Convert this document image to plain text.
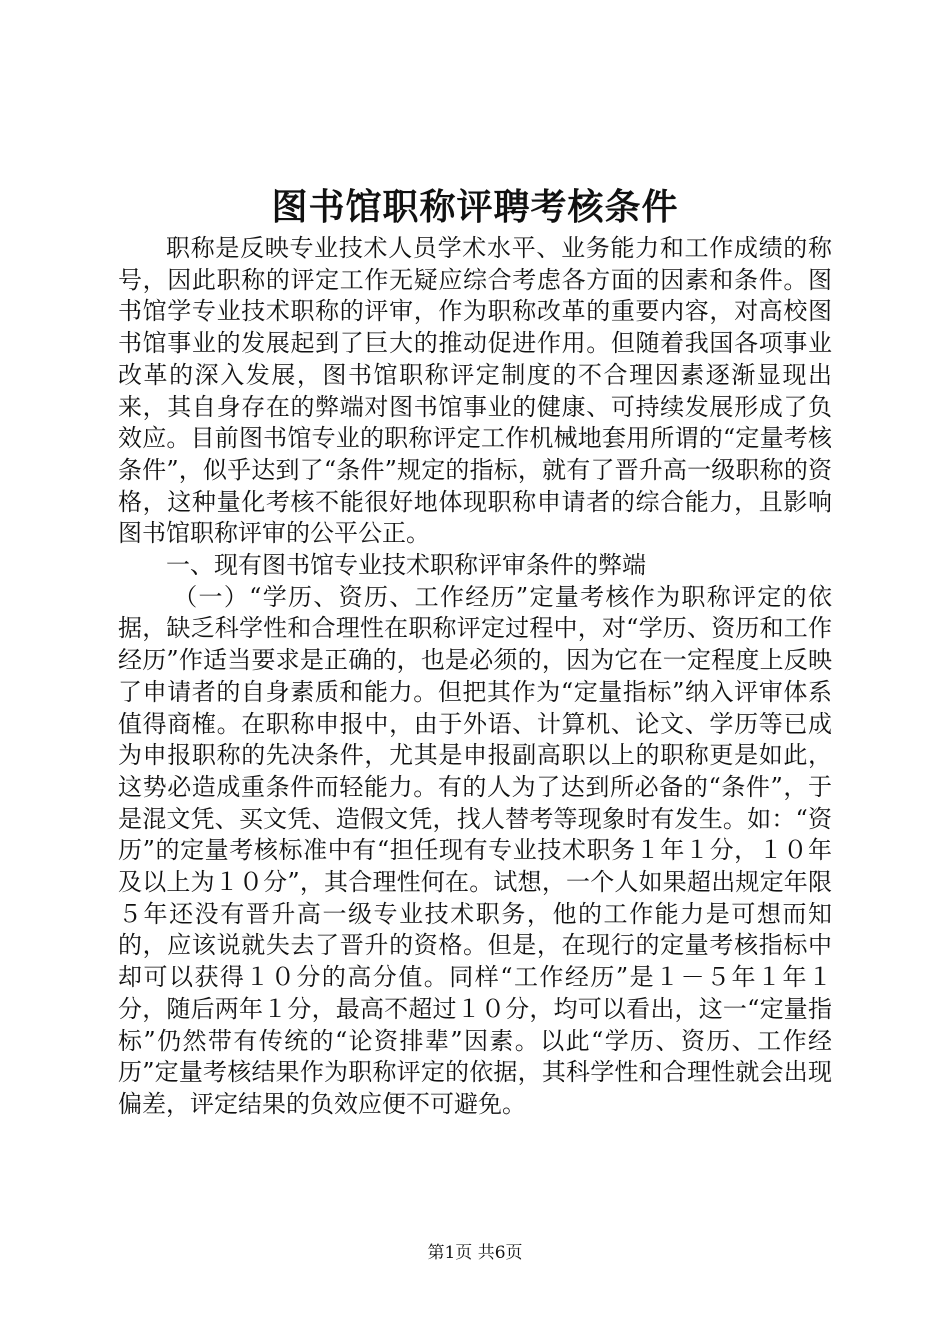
图书馆职称评聘考核条件

职称是反映专业技术人员学术水平、业务能力和工作成绩的称号，因此职称的评定工作无疑应综合考虑各方面的因素和条件。图书馆学专业技术职称的评审，作为职称改革的重要内容，对高校图书馆事业的发展起到了巨大的推动促进作用。但随着我国各项事业改革的深入发展，图书馆职称评定制度的不合理因素逐渐显现出来，其自身存在的弊端对图书馆事业的健康、可持续发展形成了负效应。目前图书馆专业的职称评定工作机械地套用所谓的“定量考核条件”，似乎达到了“条件”规定的指标，就有了晋升高一级职称的资格，这种量化考核不能很好地体现职称申请者的综合能力，且影响图书馆职称评审的公平公正。

一、现有图书馆专业技术职称评审条件的弊端

（一）“学历、资历、工作经历”定量考核作为职称评定的依据，缺乏科学性和合理性在职称评定过程中，对“学历、资历和工作经历”作适当要求是正确的，也是必须的，因为它在一定程度上反映了申请者的自身素质和能力。但把其作为“定量指标”纳入评审体系值得商榷。在职称申报中，由于外语、计算机、论文、学历等已成为申报职称的先决条件，尤其是申报副高职以上的职称更是如此，这势必造成重条件而轻能力。有的人为了达到所必备的“条件”，于是混文凭、买文凭、造假文凭，找人替考等现象时有发生。如：“资历”的定量考核标准中有“担任现有专业技术职务１年１分，１０年及以上为１０分”，其合理性何在。试想，一个人如果超出规定年限５年还没有晋升高一级专业技术职务，他的工作能力是可想而知的，应该说就失去了晋升的资格。但是，在现行的定量考核指标中却可以获得１０分的高分值。同样“工作经历”是１－５年１年１分，随后两年１分，最高不超过１０分，均可以看出，这一“定量指标”仍然带有传统的“论资排辈”因素。以此“学历、资历、工作经历”定量考核结果作为职称评定的依据，其科学性和合理性就会出现偏差，评定结果的负效应便不可避免。

第1页 共6页
